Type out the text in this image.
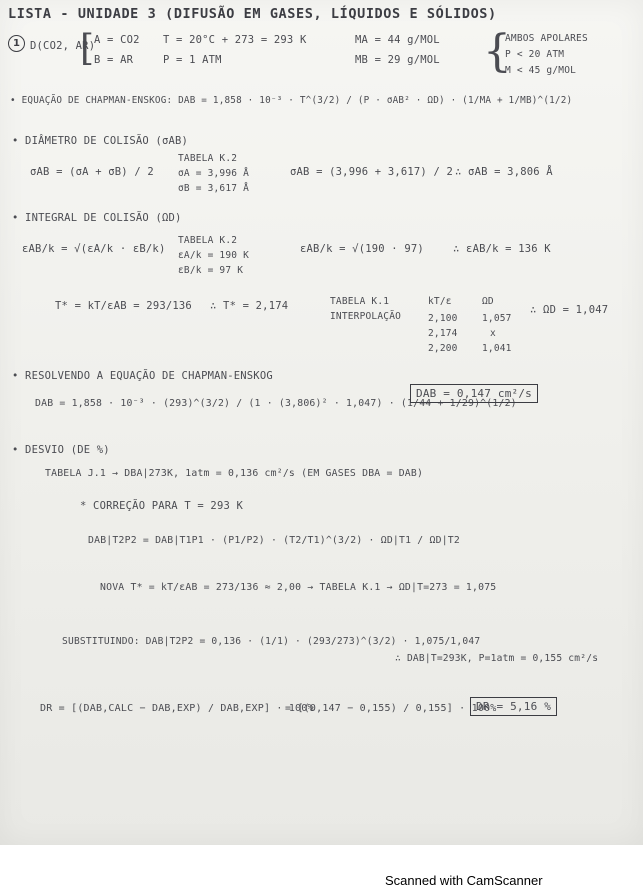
LISTA - UNIDADE 3 (DIFUSÃO EM GASES, LÍQUIDOS E SÓLIDOS)
1 D(CO2, AR)
[ A = CO2
B = AR
T = 20°C + 273 = 293 K
P = 1 ATM
MA = 44 g/MOL
MB = 29 g/MOL {
AMBOS APOLARES
P < 20 ATM
M < 45 g/MOL
• EQUAÇÃO DE CHAPMAN-ENSKOG: DAB = 1,858 · 10⁻³ · T^(3/2) / (P · σAB² · ΩD) · (1/MA + 1/MB)^(1/2)
• DIÂMETRO DE COLISÃO (σAB)
σAB = (σA + σB) / 2
TABELA K.2
σA = 3,996 Å
σB = 3,617 Å
σAB = (3,996 + 3,617) / 2 ∴ σAB = 3,806 Å
• INTEGRAL DE COLISÃO (ΩD)
εAB/k = √(εA/k · εB/k)
TABELA K.2
εA/k = 190 K
εB/k = 97 K
εAB/k = √(190 · 97)	∴ εAB/k = 136 K
T* = kT/εAB = 293/136 ∴ T* = 2,174	TABELA K.1
INTERPOLAÇÃO
kT/ε	ΩD
2,100	1,057
2,174	x
2,200	1,041
∴ ΩD = 1,047
• RESOLVENDO A EQUAÇÃO DE CHAPMAN-ENSKOG
DAB = 1,858 · 10⁻³ · (293)^(3/2) / (1 · (3,806)² · 1,047) · (1/44 + 1/29)^(1/2)
DAB = 0,147 cm²/s
• DESVIO (DE %)
TABELA J.1 → DBA|273K, 1atm = 0,136 cm²/s (EM GASES DBA = DAB)
* CORREÇÃO PARA T = 293 K
DAB|T2P2 = DAB|T1P1 · (P1/P2) · (T2/T1)^(3/2) · ΩD|T1 / ΩD|T2
NOVA T* = kT/εAB = 273/136 ≈ 2,00 → TABELA K.1 → ΩD|T=273 = 1,075
SUBSTITUINDO: DAB|T2P2 = 0,136 · (1/1) · (293/273)^(3/2) · 1,075/1,047
∴ DAB|T=293K, P=1atm = 0,155 cm²/s
DR = [(DAB,CALC − DAB,EXP) / DAB,EXP] · 100%
= [(0,147 − 0,155) / 0,155] · 100%
DR = 5,16 %
Scanned with CamScanner
